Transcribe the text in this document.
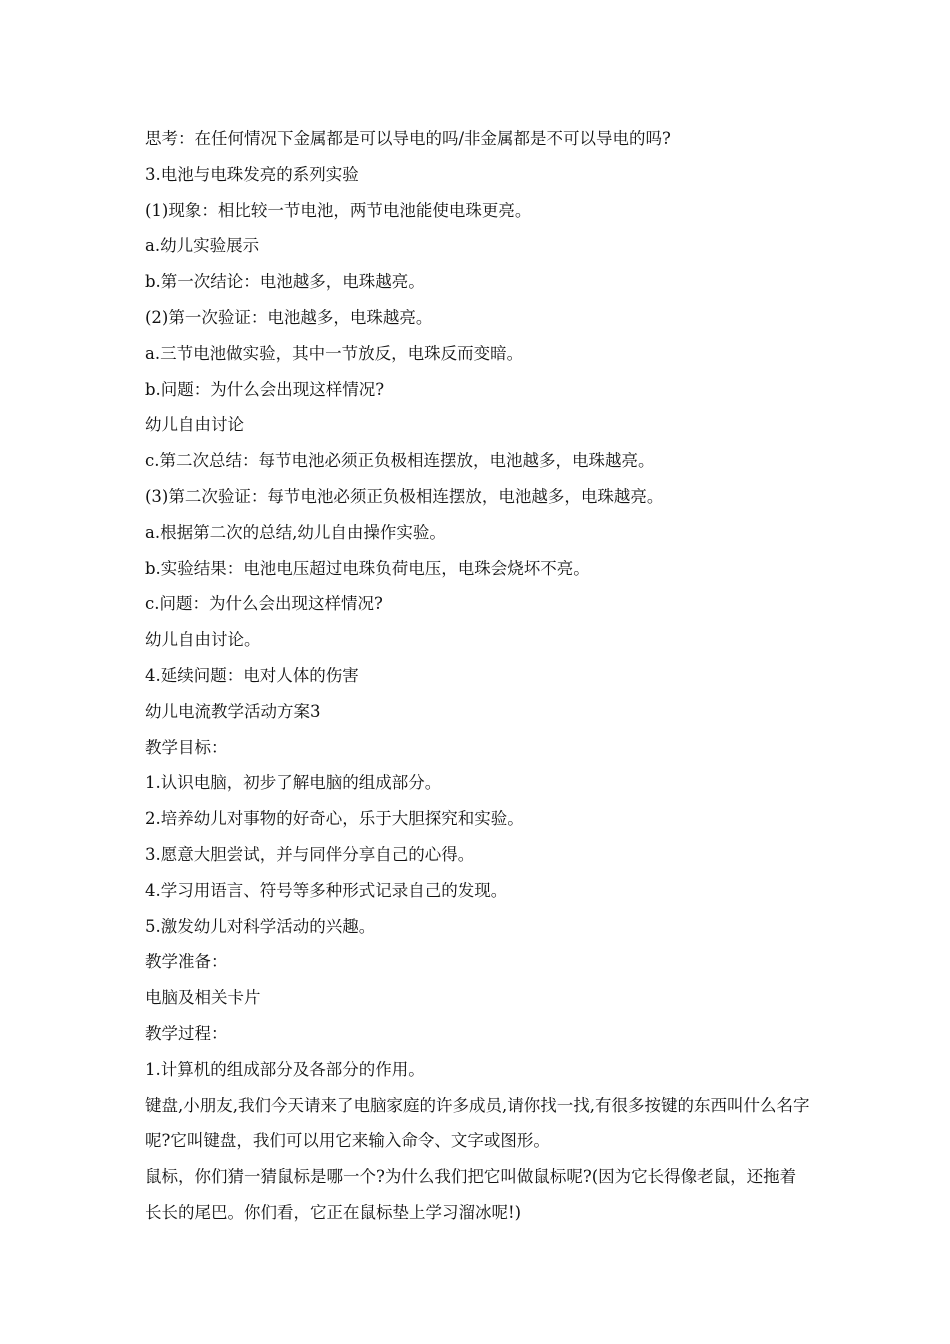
思考：在任何情况下金属都是可以导电的吗/非金属都是不可以导电的吗?
3.电池与电珠发亮的系列实验
(1)现象：相比较一节电池，两节电池能使电珠更亮。
a.幼儿实验展示
b.第一次结论：电池越多，电珠越亮。
(2)第一次验证：电池越多，电珠越亮。
a.三节电池做实验，其中一节放反，电珠反而变暗。
b.问题：为什么会出现这样情况?
幼儿自由讨论
c.第二次总结：每节电池必须正负极相连摆放，电池越多，电珠越亮。
(3)第二次验证：每节电池必须正负极相连摆放，电池越多，电珠越亮。
a.根据第二次的总结,幼儿自由操作实验。
b.实验结果：电池电压超过电珠负荷电压，电珠会烧坏不亮。
c.问题：为什么会出现这样情况?
幼儿自由讨论。
4.延续问题：电对人体的伤害
幼儿电流教学活动方案3
教学目标：
1.认识电脑，初步了解电脑的组成部分。
2.培养幼儿对事物的好奇心，乐于大胆探究和实验。
3.愿意大胆尝试，并与同伴分享自己的心得。
4.学习用语言、符号等多种形式记录自己的发现。
5.激发幼儿对科学活动的兴趣。
教学准备：
电脑及相关卡片
教学过程：
1.计算机的组成部分及各部分的作用。

键盘,小朋友,我们今天请来了电脑家庭的许多成员,请你找一找,有很多按键的东西叫什么名字呢?它叫键盘，我们可以用它来输入命令、文字或图形。

鼠标，你们猜一猜鼠标是哪一个?为什么我们把它叫做鼠标呢?(因为它长得像老鼠，还拖着长长的尾巴。你们看，它正在鼠标垫上学习溜冰呢!)
